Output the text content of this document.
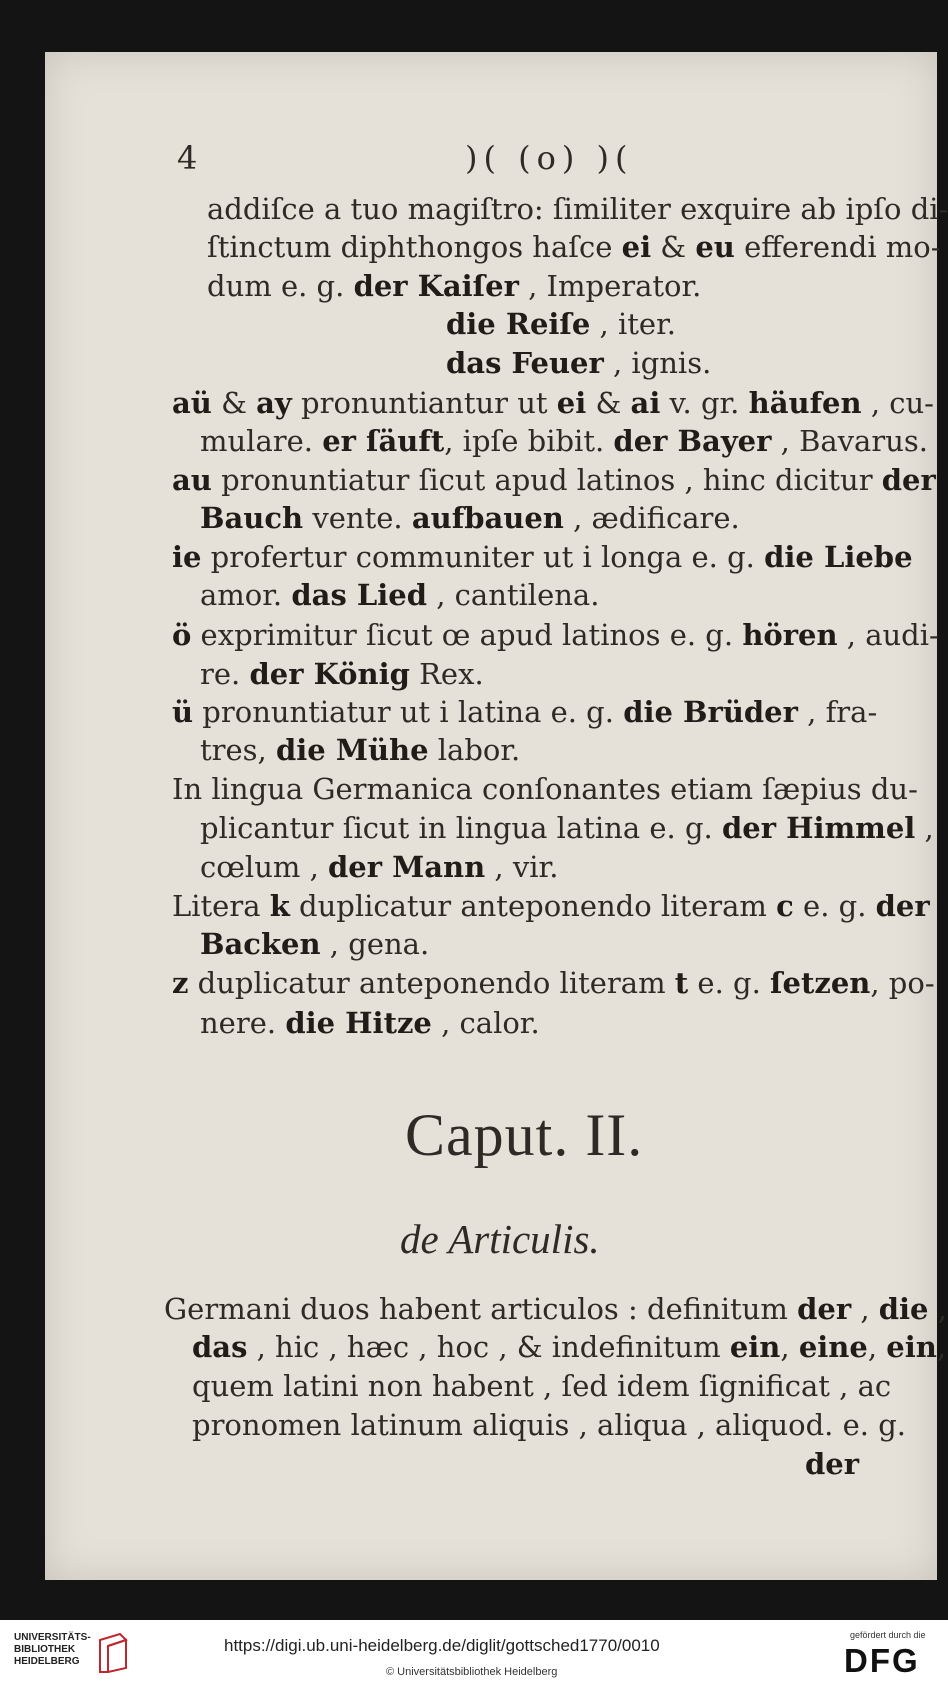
4	)( (o) )(
addiſce a tuo magiſtro: ſimiliter exquire ab ipſo di-
ſtinctum diphthongos haſce ei & eu efferendi mo-
dum e. g. der Kaiſer , Imperator.
die Reiſe , iter.
das Feuer , ignis.
aü & ay pronuntiantur ut ei & ai v. gr. häufen , cu-
mulare. er ſäuft, ipſe bibit. der Bayer , Bavarus.
au pronuntiatur ſicut apud latinos , hinc dicitur der
Bauch vente. aufbauen , ædificare.
ie profertur communiter ut i longa e. g. die Liebe
amor. das Lied , cantilena.
ö exprimitur ſicut œ apud latinos e. g. hören , audi-
re. der König Rex.
ü pronuntiatur ut i latina e. g. die Brüder , fra-
tres, die Mühe labor.
In lingua Germanica conſonantes etiam ſæpius du-
plicantur ſicut in lingua latina e. g. der Himmel ,
cœlum , der Mann , vir.
Litera k duplicatur anteponendo literam c e. g. der
Backen , gena.
z duplicatur anteponendo literam t e. g. ſetzen, po-
nere. die Hitze , calor.
Germani duos habent articulos : definitum der , die ,
das , hic , hæc , hoc , & indefinitum ein, eine, ein,
quem latini non habent , ſed idem ſignificat , ac
pronomen latinum aliquis , aliqua , aliquod. e. g.
der
Caput. II.
de Articulis.
UNIVERSITÄTS-
BIBLIOTHEK
HEIDELBERG
https://digi.ub.uni-heidelberg.de/diglit/gottsched1770/0010
© Universitätsbibliothek Heidelberg
gefördert durch die
DFG
